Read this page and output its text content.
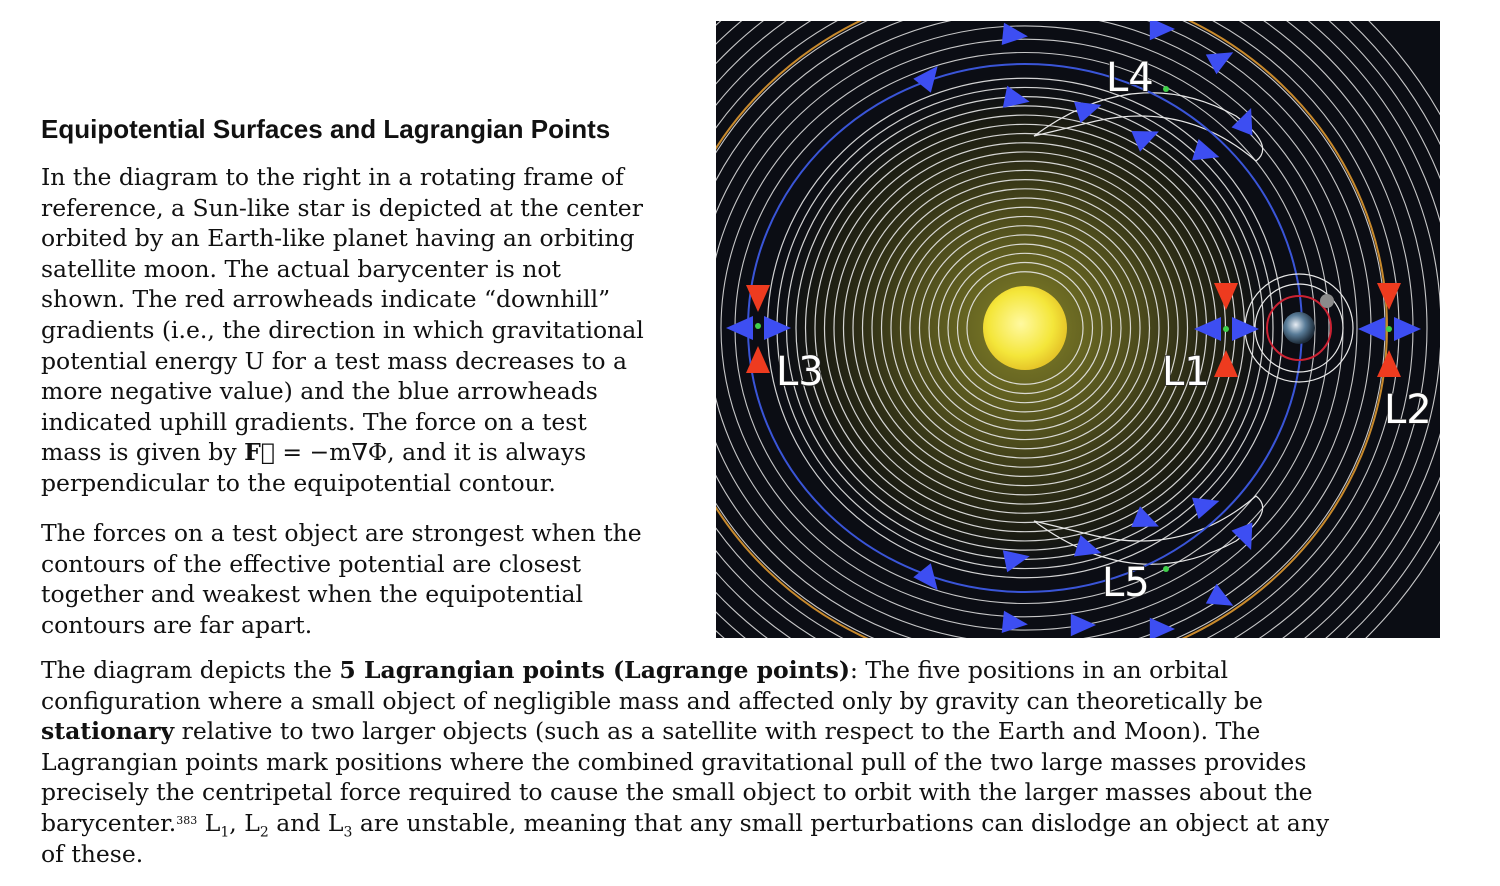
Equipotential Surfaces and Lagrangian Points
In the diagram to the right in a rotating frame of
reference, a Sun-like star is depicted at the center
orbited by an Earth-like planet having an orbiting
satellite moon. The actual barycenter is not
shown. The red arrowheads indicate “downhill”
gradients (i.e., the direction in which gravitational
potential energy U for a test mass decreases to a
more negative value) and the blue arrowheads
indicated uphill gradients. The force on a test
mass is given by F⃗ = −m∇Φ, and it is always
perpendicular to the equipotential contour.
The forces on a test object are strongest when the
contours of the effective potential are closest
together and weakest when the equipotential
contours are far apart.
The diagram depicts the 5 Lagrangian points (Lagrange points): The five positions in an orbital
configuration where a small object of negligible mass and affected only by gravity can theoretically be
stationary relative to two larger objects (such as a satellite with respect to the Earth and Moon). The
Lagrangian points mark positions where the combined gravitational pull of the two large masses provides
precisely the centripetal force required to cause the small object to orbit with the larger masses about the
barycenter.$^{383}$ $L_1$, $L_2$ and $L_3$ are unstable, meaning that any small perturbations can dislodge an object at any
of these.
L4
L5
L3	L1
L2
